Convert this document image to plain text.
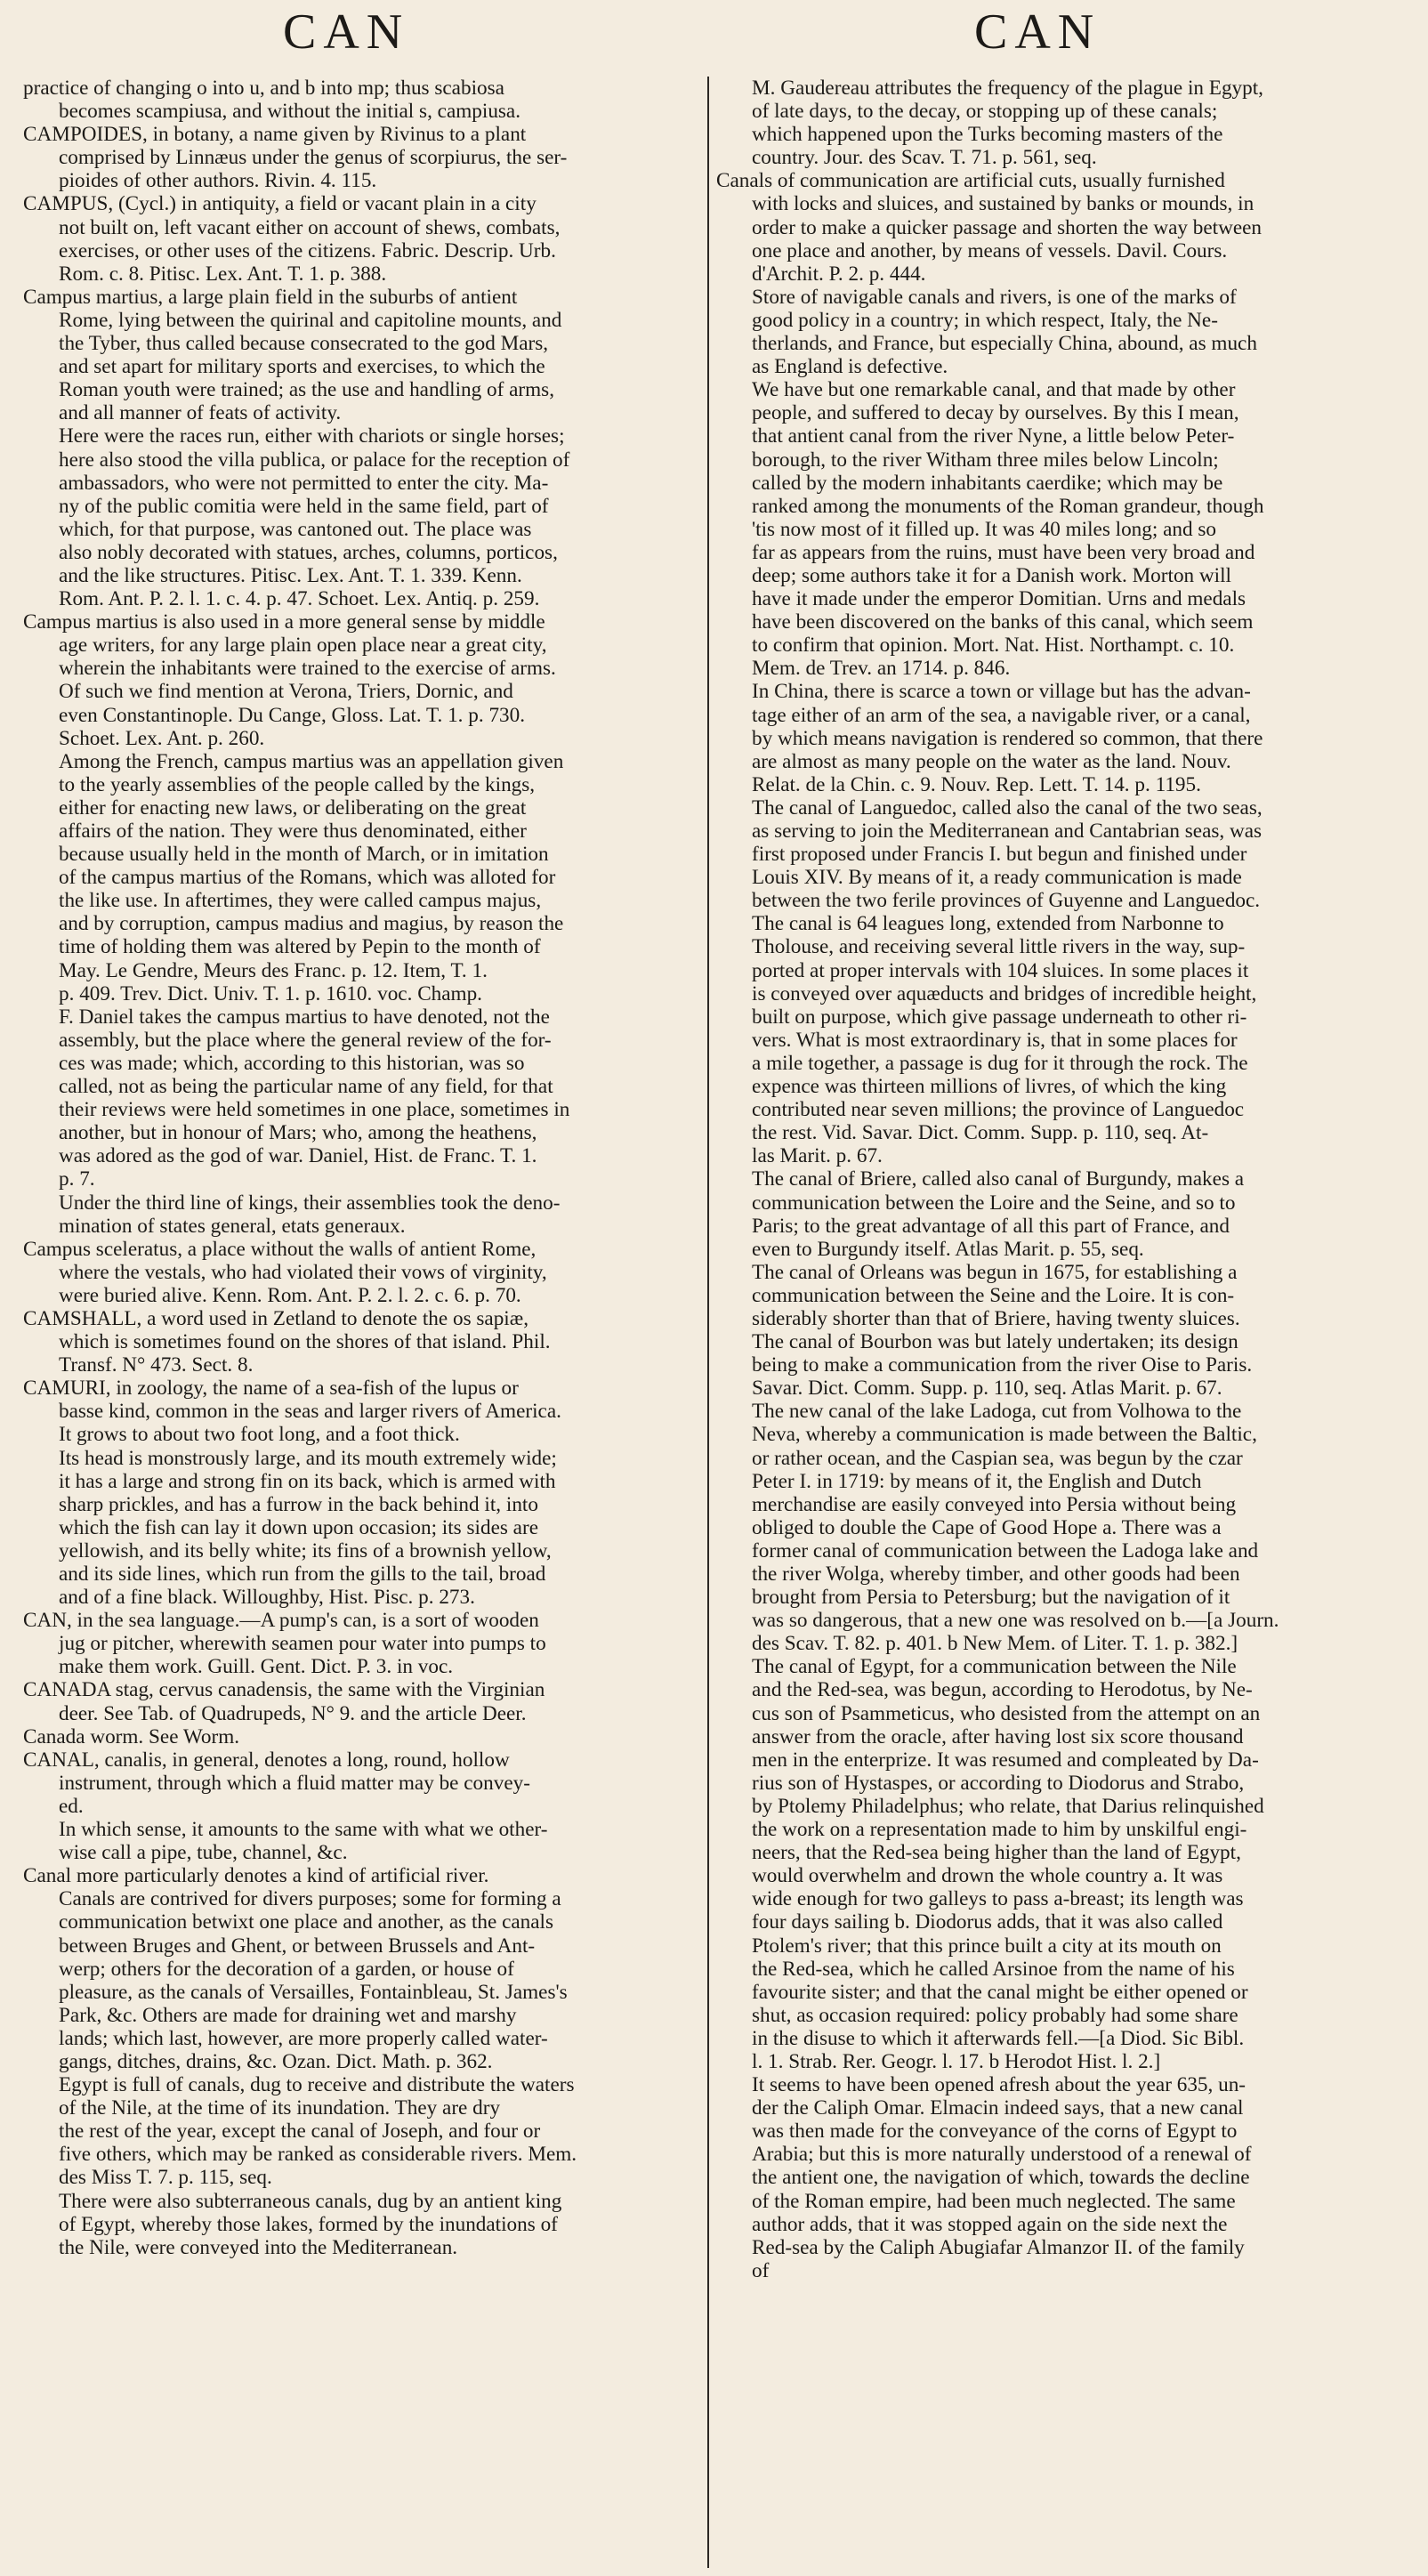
CAN	CAN
practice of changing o into u, and b into mp; thus scabiosa
becomes scampiusa, and without the initial s, campiusa.
CAMPOIDES, in botany, a name given by Rivinus to a plant
comprised by Linnæus under the genus of scorpiurus, the ser-
pioides of other authors. Rivin. 4. 115.
CAMPUS, (Cycl.) in antiquity, a field or vacant plain in a city
not built on, left vacant either on account of shews, combats,
exercises, or other uses of the citizens. Fabric. Descrip. Urb.
Rom. c. 8. Pitisc. Lex. Ant. T. 1. p. 388.
Campus martius, a large plain field in the suburbs of antient
Rome, lying between the quirinal and capitoline mounts, and
the Tyber, thus called because consecrated to the god Mars,
and set apart for military sports and exercises, to which the
Roman youth were trained; as the use and handling of arms,
and all manner of feats of activity.
Here were the races run, either with chariots or single horses;
here also stood the villa publica, or palace for the reception of
ambassadors, who were not permitted to enter the city. Ma-
ny of the public comitia were held in the same field, part of
which, for that purpose, was cantoned out. The place was
also nobly decorated with statues, arches, columns, porticos,
and the like structures. Pitisc. Lex. Ant. T. 1. 339. Kenn.
Rom. Ant. P. 2. l. 1. c. 4. p. 47. Schoet. Lex. Antiq. p. 259.
Campus martius is also used in a more general sense by middle
age writers, for any large plain open place near a great city,
wherein the inhabitants were trained to the exercise of arms.
Of such we find mention at Verona, Triers, Dornic, and
even Constantinople. Du Cange, Gloss. Lat. T. 1. p. 730.
Schoet. Lex. Ant. p. 260.
Among the French, campus martius was an appellation given
to the yearly assemblies of the people called by the kings,
either for enacting new laws, or deliberating on the great
affairs of the nation. They were thus denominated, either
because usually held in the month of March, or in imitation
of the campus martius of the Romans, which was alloted for
the like use. In aftertimes, they were called campus majus,
and by corruption, campus madius and magius, by reason the
time of holding them was altered by Pepin to the month of
May. Le Gendre, Meurs des Franc. p. 12. Item, T. 1.
p. 409. Trev. Dict. Univ. T. 1. p. 1610. voc. Champ.
F. Daniel takes the campus martius to have denoted, not the
assembly, but the place where the general review of the for-
ces was made; which, according to this historian, was so
called, not as being the particular name of any field, for that
their reviews were held sometimes in one place, sometimes in
another, but in honour of Mars; who, among the heathens,
was adored as the god of war. Daniel, Hist. de Franc. T. 1.
p. 7.
Under the third line of kings, their assemblies took the deno-
mination of states general, etats generaux.
Campus sceleratus, a place without the walls of antient Rome,
where the vestals, who had violated their vows of virginity,
were buried alive. Kenn. Rom. Ant. P. 2. l. 2. c. 6. p. 70.
CAMSHALL, a word used in Zetland to denote the os sapiæ,
which is sometimes found on the shores of that island. Phil.
Transf. N° 473. Sect. 8.
CAMURI, in zoology, the name of a sea-fish of the lupus or
basse kind, common in the seas and larger rivers of America.
It grows to about two foot long, and a foot thick.
Its head is monstrously large, and its mouth extremely wide;
it has a large and strong fin on its back, which is armed with
sharp prickles, and has a furrow in the back behind it, into
which the fish can lay it down upon occasion; its sides are
yellowish, and its belly white; its fins of a brownish yellow,
and its side lines, which run from the gills to the tail, broad
and of a fine black. Willoughby, Hist. Pisc. p. 273.
CAN, in the sea language.—A pump's can, is a sort of wooden
jug or pitcher, wherewith seamen pour water into pumps to
make them work. Guill. Gent. Dict. P. 3. in voc.
CANADA stag, cervus canadensis, the same with the Virginian
deer. See Tab. of Quadrupeds, N° 9. and the article Deer.
Canada worm. See Worm.
CANAL, canalis, in general, denotes a long, round, hollow
instrument, through which a fluid matter may be convey-
ed.
In which sense, it amounts to the same with what we other-
wise call a pipe, tube, channel, &c.
Canal more particularly denotes a kind of artificial river.
Canals are contrived for divers purposes; some for forming a
communication betwixt one place and another, as the canals
between Bruges and Ghent, or between Brussels and Ant-
werp; others for the decoration of a garden, or house of
pleasure, as the canals of Versailles, Fontainbleau, St. James's
Park, &c. Others are made for draining wet and marshy
lands; which last, however, are more properly called water-
gangs, ditches, drains, &c. Ozan. Dict. Math. p. 362.
Egypt is full of canals, dug to receive and distribute the waters
of the Nile, at the time of its inundation. They are dry
the rest of the year, except the canal of Joseph, and four or
five others, which may be ranked as considerable rivers. Mem.
des Miss T. 7. p. 115, seq.
There were also subterraneous canals, dug by an antient king
of Egypt, whereby those lakes, formed by the inundations of
the Nile, were conveyed into the Mediterranean.
M. Gaudereau attributes the frequency of the plague in Egypt,
of late days, to the decay, or stopping up of these canals;
which happened upon the Turks becoming masters of the
country. Jour. des Scav. T. 71. p. 561, seq.
Canals of communication are artificial cuts, usually furnished
with locks and sluices, and sustained by banks or mounds, in
order to make a quicker passage and shorten the way between
one place and another, by means of vessels. Davil. Cours.
d'Archit. P. 2. p. 444.
Store of navigable canals and rivers, is one of the marks of
good policy in a country; in which respect, Italy, the Ne-
therlands, and France, but especially China, abound, as much
as England is defective.
We have but one remarkable canal, and that made by other
people, and suffered to decay by ourselves. By this I mean,
that antient canal from the river Nyne, a little below Peter-
borough, to the river Witham three miles below Lincoln;
called by the modern inhabitants caerdike; which may be
ranked among the monuments of the Roman grandeur, though
'tis now most of it filled up. It was 40 miles long; and so
far as appears from the ruins, must have been very broad and
deep; some authors take it for a Danish work. Morton will
have it made under the emperor Domitian. Urns and medals
have been discovered on the banks of this canal, which seem
to confirm that opinion. Mort. Nat. Hist. Northampt. c. 10.
Mem. de Trev. an 1714. p. 846.
In China, there is scarce a town or village but has the advan-
tage either of an arm of the sea, a navigable river, or a canal,
by which means navigation is rendered so common, that there
are almost as many people on the water as the land. Nouv.
Relat. de la Chin. c. 9. Nouv. Rep. Lett. T. 14. p. 1195.
The canal of Languedoc, called also the canal of the two seas,
as serving to join the Mediterranean and Cantabrian seas, was
first proposed under Francis I. but begun and finished under
Louis XIV. By means of it, a ready communication is made
between the two ferile provinces of Guyenne and Languedoc.
The canal is 64 leagues long, extended from Narbonne to
Tholouse, and receiving several little rivers in the way, sup-
ported at proper intervals with 104 sluices. In some places it
is conveyed over aquæducts and bridges of incredible height,
built on purpose, which give passage underneath to other ri-
vers. What is most extraordinary is, that in some places for
a mile together, a passage is dug for it through the rock. The
expence was thirteen millions of livres, of which the king
contributed near seven millions; the province of Languedoc
the rest. Vid. Savar. Dict. Comm. Supp. p. 110, seq. At-
las Marit. p. 67.
The canal of Briere, called also canal of Burgundy, makes a
communication between the Loire and the Seine, and so to
Paris; to the great advantage of all this part of France, and
even to Burgundy itself. Atlas Marit. p. 55, seq.
The canal of Orleans was begun in 1675, for establishing a
communication between the Seine and the Loire. It is con-
siderably shorter than that of Briere, having twenty sluices.
The canal of Bourbon was but lately undertaken; its design
being to make a communication from the river Oise to Paris.
Savar. Dict. Comm. Supp. p. 110, seq. Atlas Marit. p. 67.
The new canal of the lake Ladoga, cut from Volhowa to the
Neva, whereby a communication is made between the Baltic,
or rather ocean, and the Caspian sea, was begun by the czar
Peter I. in 1719: by means of it, the English and Dutch
merchandise are easily conveyed into Persia without being
obliged to double the Cape of Good Hope a. There was a
former canal of communication between the Ladoga lake and
the river Wolga, whereby timber, and other goods had been
brought from Persia to Petersburg; but the navigation of it
was so dangerous, that a new one was resolved on b.—[a Journ.
des Scav. T. 82. p. 401. b New Mem. of Liter. T. 1. p. 382.]
The canal of Egypt, for a communication between the Nile
and the Red-sea, was begun, according to Herodotus, by Ne-
cus son of Psammeticus, who desisted from the attempt on an
answer from the oracle, after having lost six score thousand
men in the enterprize. It was resumed and compleated by Da-
rius son of Hystaspes, or according to Diodorus and Strabo,
by Ptolemy Philadelphus; who relate, that Darius relinquished
the work on a representation made to him by unskilful engi-
neers, that the Red-sea being higher than the land of Egypt,
would overwhelm and drown the whole country a. It was
wide enough for two galleys to pass a-breast; its length was
four days sailing b. Diodorus adds, that it was also called
Ptolem's river; that this prince built a city at its mouth on
the Red-sea, which he called Arsinoe from the name of his
favourite sister; and that the canal might be either opened or
shut, as occasion required: policy probably had some share
in the disuse to which it afterwards fell.—[a Diod. Sic Bibl.
l. 1. Strab. Rer. Geogr. l. 17. b Herodot Hist. l. 2.]
It seems to have been opened afresh about the year 635, un-
der the Caliph Omar. Elmacin indeed says, that a new canal
was then made for the conveyance of the corns of Egypt to
Arabia; but this is more naturally understood of a renewal of
the antient one, the navigation of which, towards the decline
of the Roman empire, had been much neglected. The same
author adds, that it was stopped again on the side next the
Red-sea by the Caliph Abugiafar Almanzor II. of the family
of
